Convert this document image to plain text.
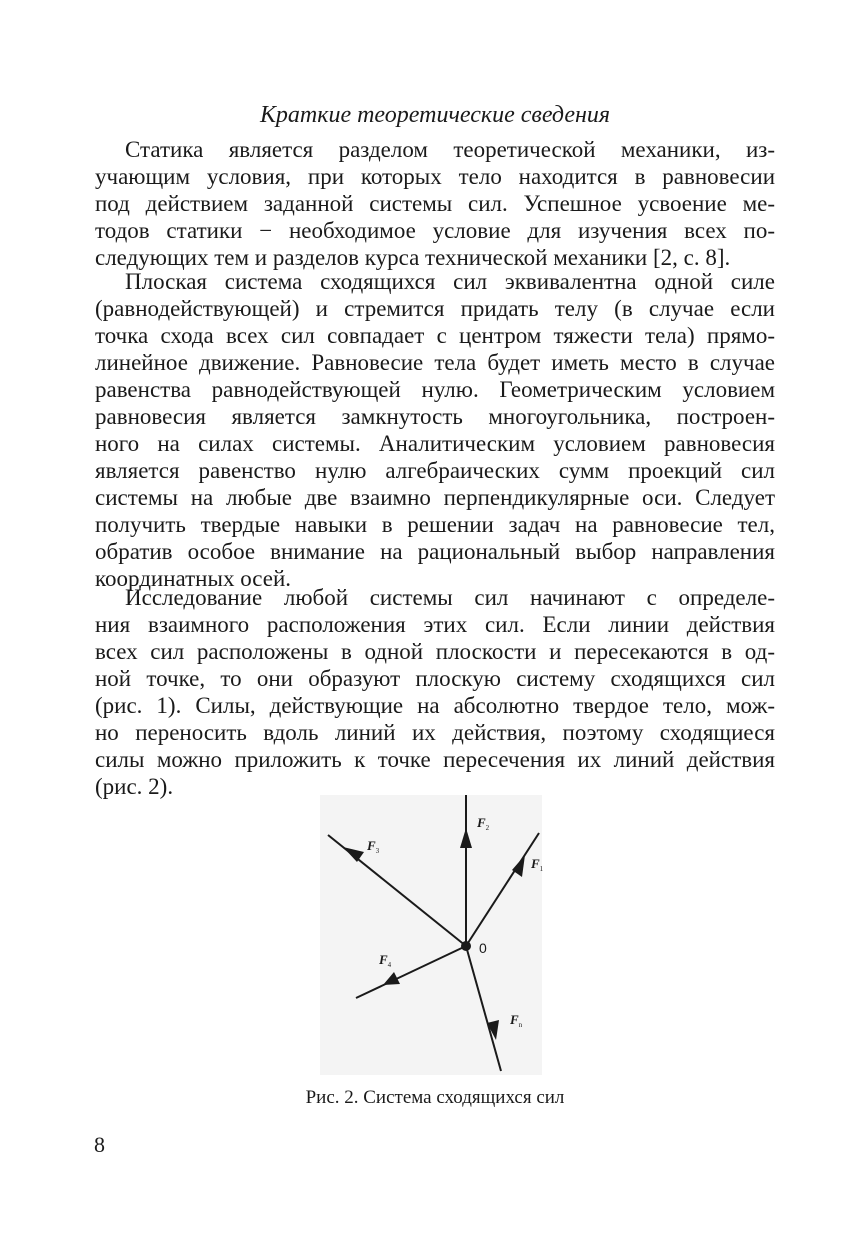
Краткие теоретические сведения
Статика является разделом теоретической механики, из-
учающим условия, при которых тело находится в равновесии
под действием заданной системы сил. Успешное усвоение ме-
тодов статики − необходимое условие для изучения всех по-
следующих тем и разделов курса технической механики [2, с. 8].
Плоская система сходящихся сил эквивалентна одной силе
(равнодействующей) и стремится придать телу (в случае если
точка схода всех сил совпадает с центром тяжести тела) прямо-
линейное движение. Равновесие тела будет иметь место в случае
равенства равнодействующей нулю. Геометрическим условием
равновесия является замкнутость многоугольника, построен-
ного на силах системы. Аналитическим условием равновесия
является равенство нулю алгебраических сумм проекций сил
системы на любые две взаимно перпендикулярные оси. Следует
получить твердые навыки в решении задач на равновесие тел,
обратив особое внимание на рациональный выбор направления
координатных осей.
Исследование любой системы сил начинают с определе-
ния взаимного расположения этих сил. Если линии действия
всех сил расположены в одной плоскости и пересекаются в од-
ной точке, то они образуют плоскую систему сходящихся сил
(рис. 1). Силы, действующие на абсолютно твердое тело, мож-
но переносить вдоль линий их действия, поэтому сходящиеся
силы можно приложить к точке пересечения их линий действия
(рис. 2).
0
$F_2$
$F_1$
$F_3$
$F_4$
$F_n$
Рис. 2. Система сходящихся сил
8
